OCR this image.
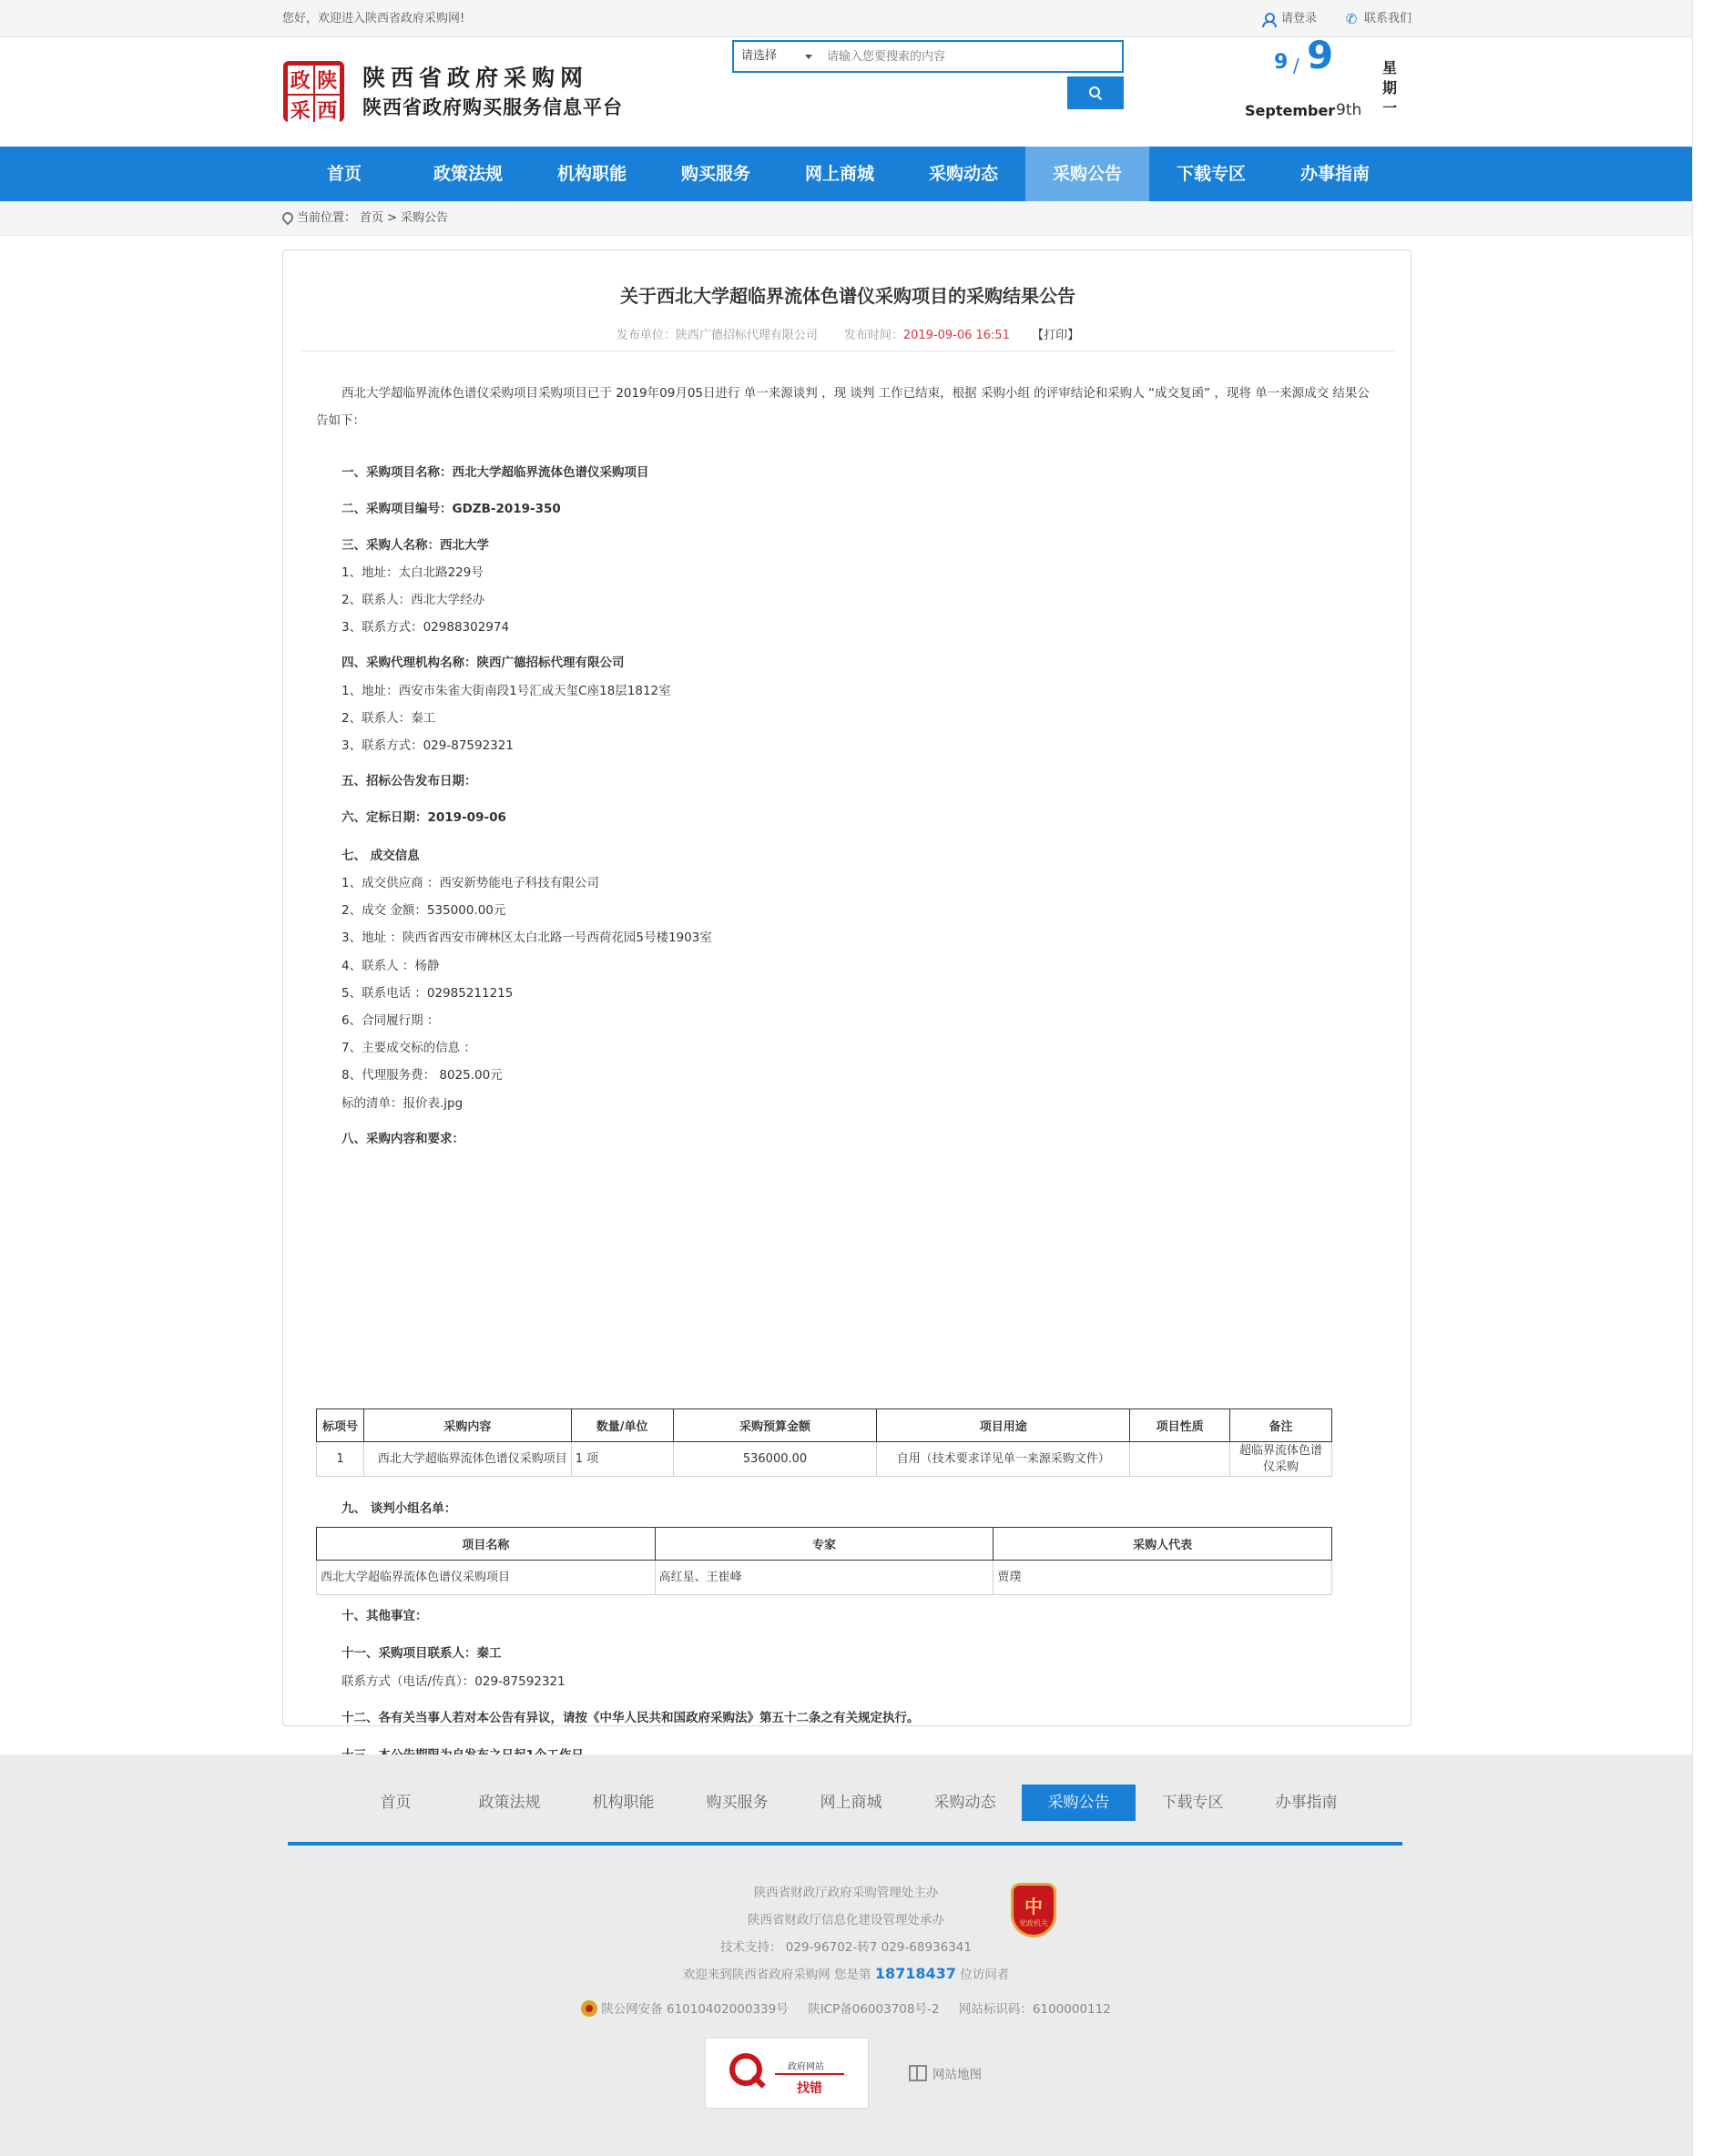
您好，欢迎进入陕西省政府采购网!	请登录 ✆ 联系我们
政 陕
采 西
陕西省政府采购网
陕西省政府购买服务信息平台
请选择
请输入您要搜索的内容	9 / 9
September 9th
星
期
一
首页	政策法规	机构职能	购买服务	网上商城	采购动态	采购公告	下载专区	办事指南
当前位置： 首页 > 采购公告
关于西北大学超临界流体色谱仪采购项目的采购结果公告
发布单位：陕西广德招标代理有限公司 发布时间：2019-09-06 16:51 【打印】
西北大学超临界流体色谱仪采购项目采购项目已于 2019年09月05日进行 单一来源谈判 ，现 谈判 工作已结束，根据 采购小组 的评审结论和采购人 “成交复函” ，现将 单一来源成交 结果公告如下：
标项号	采购内容	数量/单位	采购预算金额	项目用途	项目性质	备注
1	西北大学超临界流体色谱仪采购项目	1 项	536000.00	自用（技术要求详见单一来源采购文件）		超临界流体色谱仪采购
项目名称	专家	采购人代表
西北大学超临界流体色谱仪采购项目	高红星、王崔峰	贾璞
一、采购项目名称：西北大学超临界流体色谱仪采购项目
二、采购项目编号：GDZB-2019-350
三、采购人名称：西北大学
1、地址：太白北路229号
2、联系人：西北大学经办
3、联系方式：02988302974
四、采购代理机构名称：陕西广德招标代理有限公司
1、地址：西安市朱雀大街南段1号汇成天玺C座18层1812室
2、联系人：秦工
3、联系方式：029-87592321
五、招标公告发布日期：
六、定标日期：2019-09-06
七、 成交信息
1、成交供应商 ：西安新势能电子科技有限公司
2、成交 金额：535000.00元
3、地址 ：陕西省西安市碑林区太白北路一号西荷花园5号楼1903室
4、联系人 ：杨静
5、联系电话 ：02985211215
6、合同履行期 ：
7、主要成交标的信息 ：
8、代理服务费： 8025.00元
标的清单：报价表.jpg
八、采购内容和要求：
九、 谈判小组名单：
十、其他事宜：
十一、采购项目联系人：秦工
联系方式（电话/传真）：029-87592321
十二、各有关当事人若对本公告有异议，请按《中华人民共和国政府采购法》第五十二条之有关规定执行。
首页	政策法规	机构职能	购买服务	网上商城	采购动态	采购公告	下载专区	办事指南
陕西省财政厅政府采购管理处主办
陕西省财政厅信息化建设管理处承办
技术支持： 029-96702-转7 029-68936341
欢迎来到陕西省政府采购网 您是第 18718437 位访问者
陕公网安备 61010402000339号 陕ICP备06003708号-2 网站标识码：6100000112
中
党政机关
政府网站
找错
网站地图
